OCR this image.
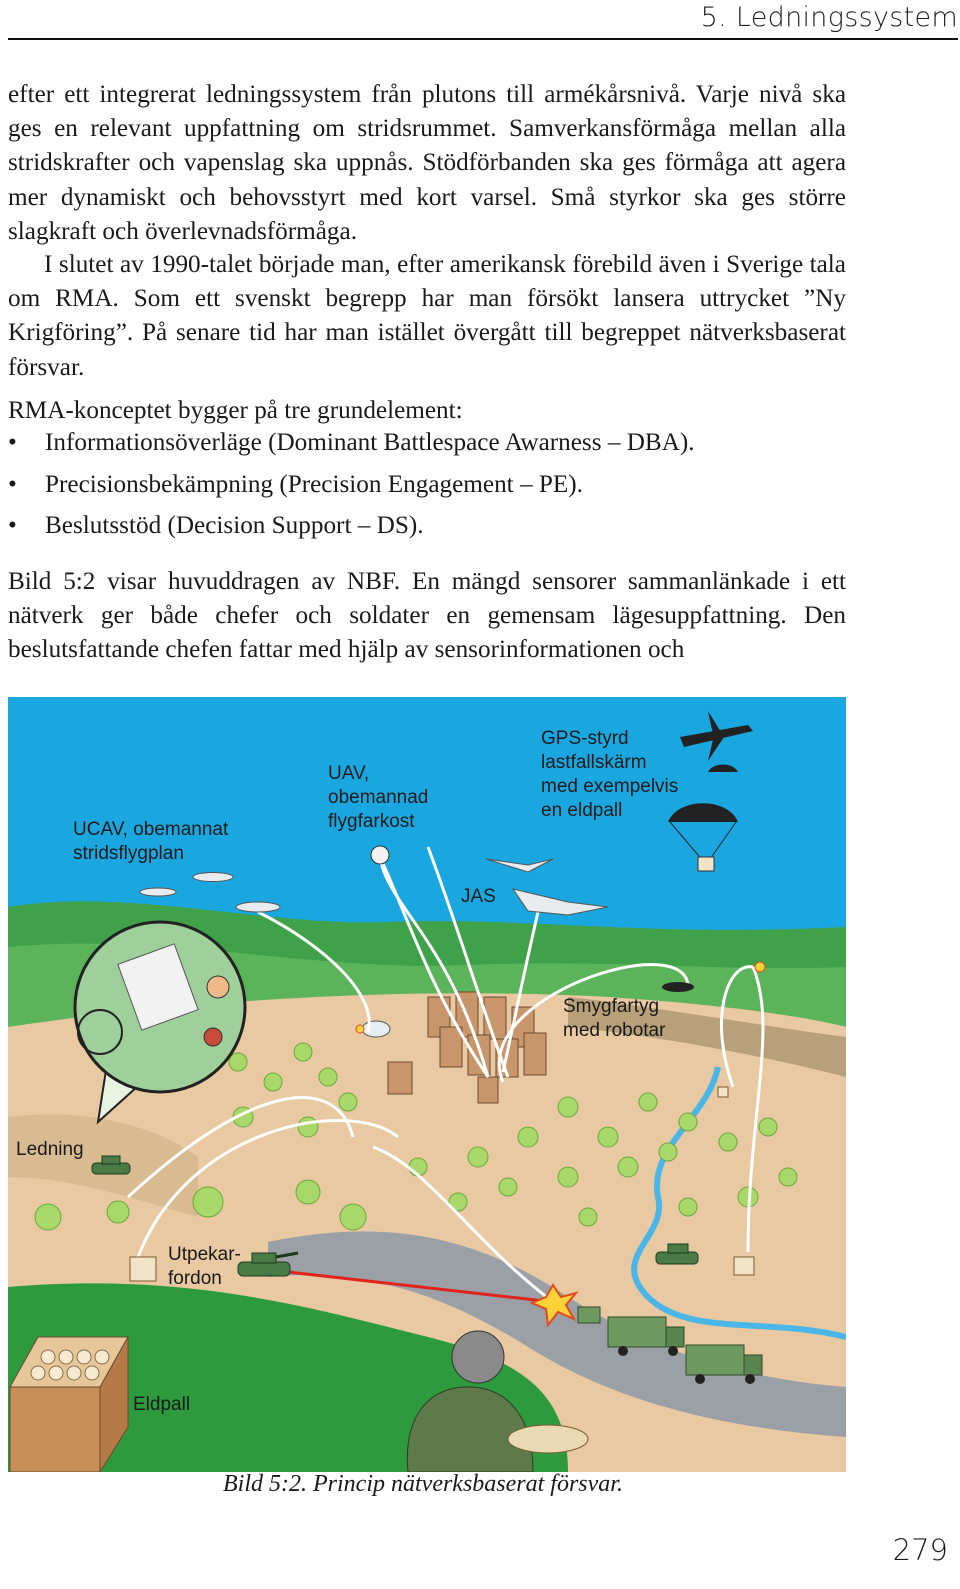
5. Ledningssystem

efter ett integrerat ledningssystem från plutons till armékårsnivå. Varje nivå ska ges en relevant uppfattning om stridsrummet. Samverkansförmåga mellan alla stridskrafter och vapenslag ska uppnås. Stödförbanden ska ges förmåga att agera mer dynamiskt och behovsstyrt med kort varsel. Små styrkor ska ges större slagkraft och överlevnadsförmåga.

I slutet av 1990-talet började man, efter amerikansk förebild även i Sverige tala om RMA. Som ett svenskt begrepp har man försökt lansera uttrycket ”Ny Krigföring”. På senare tid har man istället övergått till begreppet nätverksbaserat försvar.

RMA-konceptet bygger på tre grundelement:

• Informationsöverläge (Dominant Battlespace Awarness – DBA).
• Precisionsbekämpning (Precision Engagement – PE).
• Beslutsstöd (Decision Support – DS).

Bild 5:2 visar huvuddragen av NBF. En mängd sensorer sammanlänkade i ett nätverk ger både chefer och soldater en gemensam lägesuppfattning. Den beslutsfattande chefen fattar med hjälp av sensorinformationen och

UCAV, obemannat
stridsflygplan
UAV,
obemannad
flygfarkost
GPS-styrd
lastfallskärm
med exempelvis
en eldpall
JAS
Smygfartyg
med robotar
Ledning
Utpekar-
fordon
Eldpall
Bild 5:2. Princip nätverksbaserat försvar.
279
